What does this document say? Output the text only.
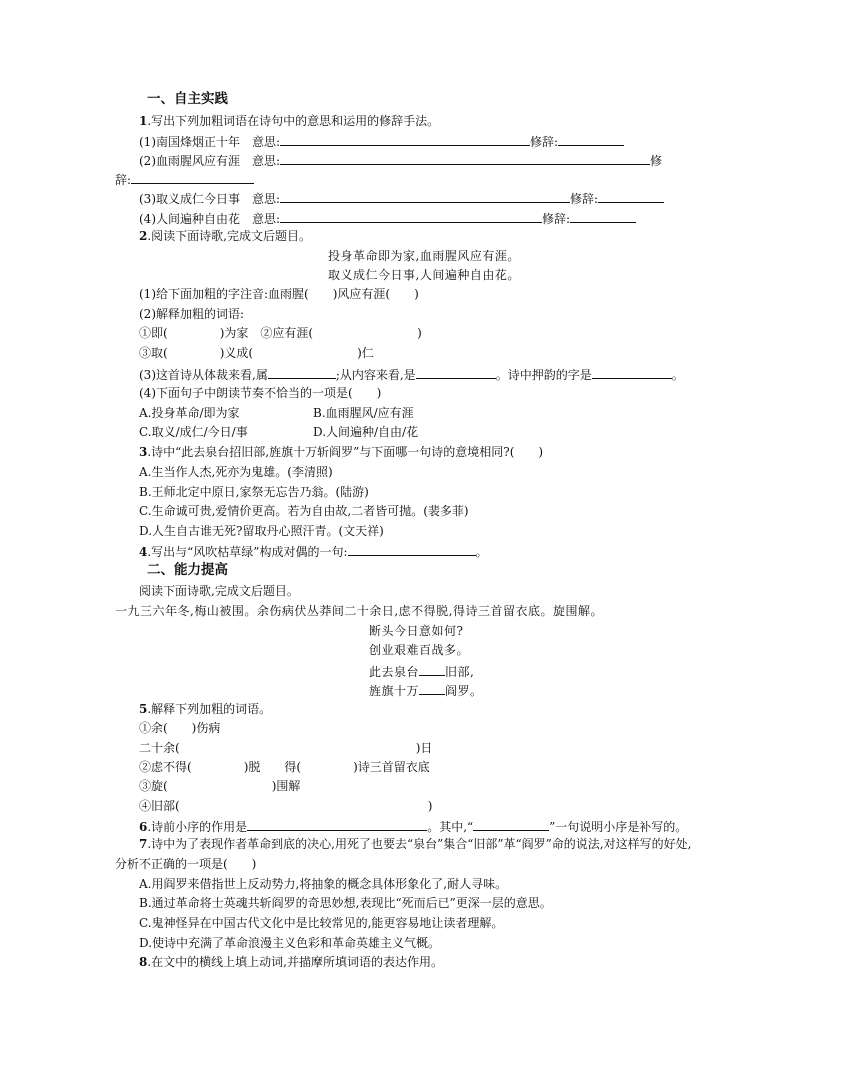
一、自主实践
1.写出下列加粗词语在诗句中的意思和运用的修辞手法。
(1)南国烽烟正十年　意思:	修辞:
(2)血雨腥风应有涯　意思:	修
辞:
(3)取义成仁今日事　意思:	修辞:
(4)人间遍种自由花　意思:	修辞:
2.阅读下面诗歌,完成文后题目。
投身革命即为家,血雨腥风应有涯。
取义成仁今日事,人间遍种自由花。
(1)给下面加粗的字注音:血雨腥(　　)风应有涯(　　)
(2)解释加粗的词语:
①即(	)为家　②应有涯(	)
③取(	)义成(	)仁
(3)这首诗从体裁来看,属	;从内容来看,是	。诗中押韵的字是	。
(4)下面句子中朗读节奏不恰当的一项是(　　)
A.投身革命/即为家	B.血雨腥风/应有涯
C.取义/成仁/今日/事	D.人间遍种/自由/花
3.诗中“此去泉台招旧部,旌旗十万斩阎罗”与下面哪一句诗的意境相同?(　　)
A.生当作人杰,死亦为鬼雄。(李清照)
B.王师北定中原日,家祭无忘告乃翁。(陆游)
C.生命诚可贵,爱情价更高。若为自由故,二者皆可抛。(裴多菲)
D.人生自古谁无死?留取丹心照汗青。(文天祥)
4.写出与“风吹枯草绿”构成对偶的一句:	。
二、能力提高
阅读下面诗歌,完成文后题目。
一九三六年冬,梅山被围。余伤病伏丛莽间二十余日,虑不得脱,得诗三首留衣底。旋围解。
断头今日意如何?
创业艰难百战多。
此去泉台 旧部,
旌旗十万 阎罗。
5.解释下列加粗的词语。
①余(　　)伤病
二十余(	)日
②虑不得(	)脱　　得(	)诗三首留衣底
③旋(	)围解
④旧部(	)
6.诗前小序的作用是	。其中,“	”一句说明小序是补写的。
7.诗中为了表现作者革命到底的决心,用死了也要去“泉台”集合“旧部”革“阎罗”命的说法,对这样写的好处,
分析不正确的一项是(　　)
A.用阎罗来借指世上反动势力,将抽象的概念具体形象化了,耐人寻味。
B.通过革命将士英魂共斩阎罗的奇思妙想,表现比“死而后已”更深一层的意思。
C.鬼神怪异在中国古代文化中是比较常见的,能更容易地让读者理解。
D.使诗中充满了革命浪漫主义色彩和革命英雄主义气概。
8.在文中的横线上填上动词,并描摩所填词语的表达作用。
